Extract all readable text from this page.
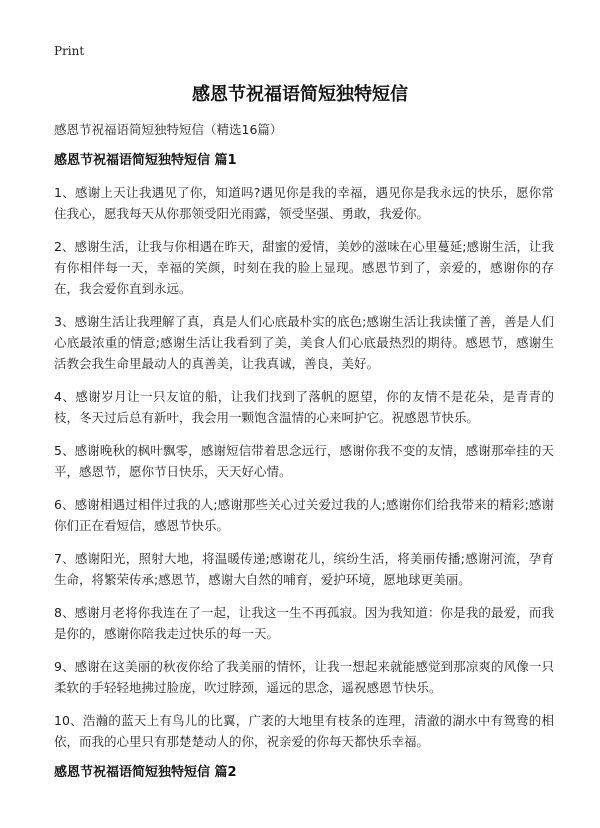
Print
感恩节祝福语简短独特短信
感恩节祝福语简短独特短信（精选16篇）
感恩节祝福语简短独特短信 篇1

1、感谢上天让我遇见了你，知道吗?遇见你是我的幸福，遇见你是我永远的快乐，愿你常住我心，愿我每天从你那领受阳光雨露，领受坚强、勇敢，我爱你。

2、感谢生活，让我与你相遇在昨天，甜蜜的爱情，美妙的滋味在心里蔓延;感谢生活，让我有你相伴每一天，幸福的笑颜，时刻在我的脸上显现。感恩节到了，亲爱的，感谢你的存在，我会爱你直到永远。

3、感谢生活让我理解了真，真是人们心底最朴实的底色;感谢生活让我读懂了善，善是人们心底最浓重的情意;感谢生活让我看到了美，美食人们心底最热烈的期待。感恩节，感谢生活教会我生命里最动人的真善美，让我真诚，善良，美好。

4、感谢岁月让一只友谊的船，让我们找到了落帆的愿望，你的友情不是花朵，是青青的枝，冬天过后总有新叶，我会用一颗饱含温情的心来呵护它。祝感恩节快乐。

5、感谢晚秋的枫叶飘零，感谢短信带着思念远行，感谢你我不变的友情，感谢那牵挂的天平，感恩节，愿你节日快乐，天天好心情。

6、感谢相遇过相伴过我的人;感谢那些关心过关爱过我的人;感谢你们给我带来的精彩;感谢你们正在看短信，感恩节快乐。

7、感谢阳光，照射大地，将温暖传递;感谢花儿，缤纷生活，将美丽传播;感谢河流，孕育生命，将繁荣传承;感恩节，感谢大自然的哺育，爱护环境，愿地球更美丽。

8、感谢月老将你我连在了一起，让我这一生不再孤寂。因为我知道：你是我的最爱，而我是你的，感谢你陪我走过快乐的每一天。

9、感谢在这美丽的秋夜你给了我美丽的情怀，让我一想起来就能感觉到那凉爽的风像一只柔软的手轻轻地拂过脸庞，吹过脖颈，遥远的思念，遥祝感恩节快乐。

10、浩瀚的蓝天上有鸟儿的比翼，广袤的大地里有枝条的连理，清澈的湖水中有鸳鸯的相依，而我的心里只有那楚楚动人的你，祝亲爱的你每天都快乐幸福。

感恩节祝福语简短独特短信 篇2
